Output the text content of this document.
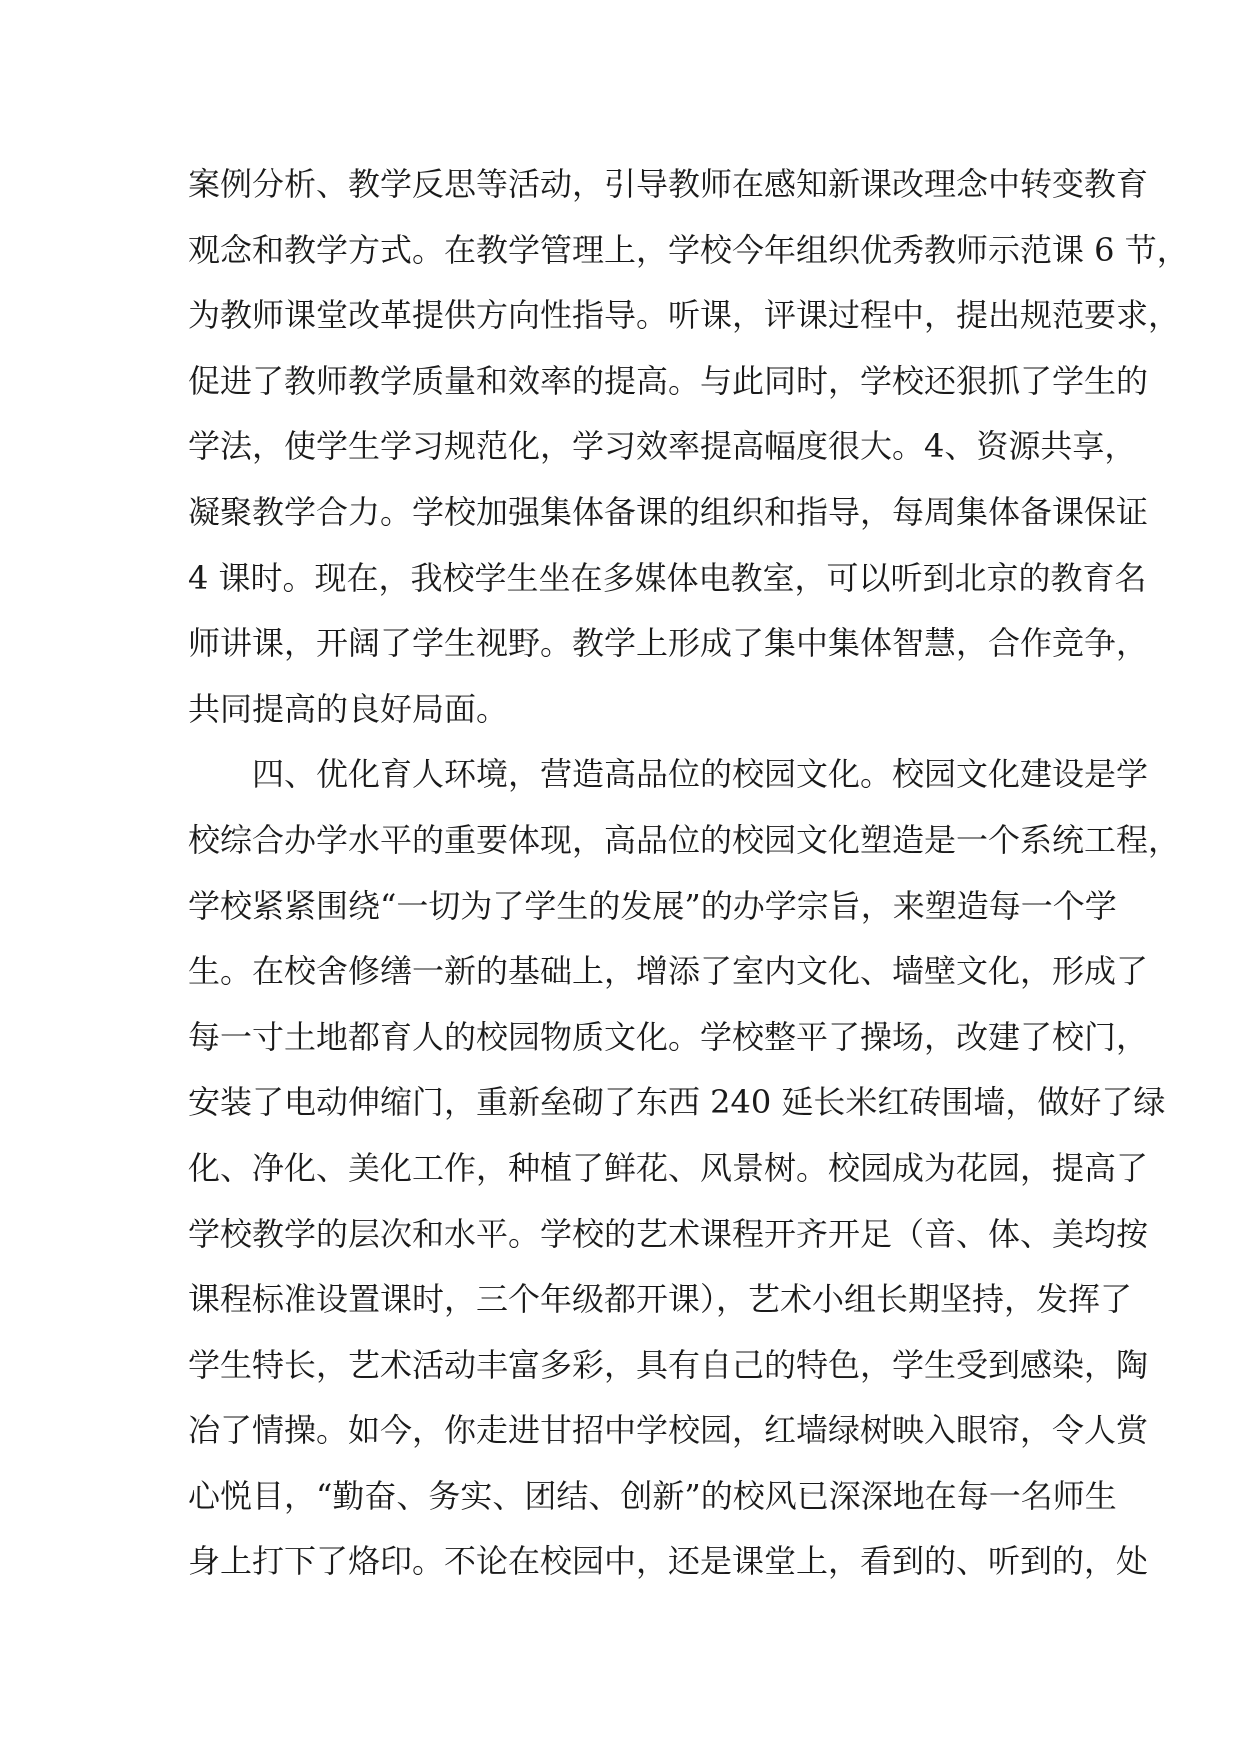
案例分析、教学反思等活动，引导教师在感知新课改理念中转变教育
观念和教学方式。在教学管理上，学校今年组织优秀教师示范课 6 节，
为教师课堂改革提供方向性指导。听课，评课过程中，提出规范要求，
促进了教师教学质量和效率的提高。与此同时，学校还狠抓了学生的
学法，使学生学习规范化，学习效率提高幅度很大。4、资源共享，
凝聚教学合力。学校加强集体备课的组织和指导，每周集体备课保证
4 课时。现在，我校学生坐在多媒体电教室，可以听到北京的教育名
师讲课，开阔了学生视野。教学上形成了集中集体智慧，合作竞争，
共同提高的良好局面。
四、优化育人环境，营造高品位的校园文化。校园文化建设是学
校综合办学水平的重要体现，高品位的校园文化塑造是一个系统工程，
学校紧紧围绕“一切为了学生的发展”的办学宗旨，来塑造每一个学
生。在校舍修缮一新的基础上，增添了室内文化、墙壁文化，形成了
每一寸土地都育人的校园物质文化。学校整平了操场，改建了校门，
安装了电动伸缩门，重新垒砌了东西 240 延长米红砖围墙，做好了绿
化、净化、美化工作，种植了鲜花、风景树。校园成为花园，提高了
学校教学的层次和水平。学校的艺术课程开齐开足（音、体、美均按
课程标准设置课时，三个年级都开课），艺术小组长期坚持，发挥了
学生特长，艺术活动丰富多彩，具有自己的特色，学生受到感染，陶
冶了情操。如今，你走进甘招中学校园，红墙绿树映入眼帘，令人赏
心悦目，“勤奋、务实、团结、创新”的校风已深深地在每一名师生
身上打下了烙印。不论在校园中，还是课堂上，看到的、听到的，处
